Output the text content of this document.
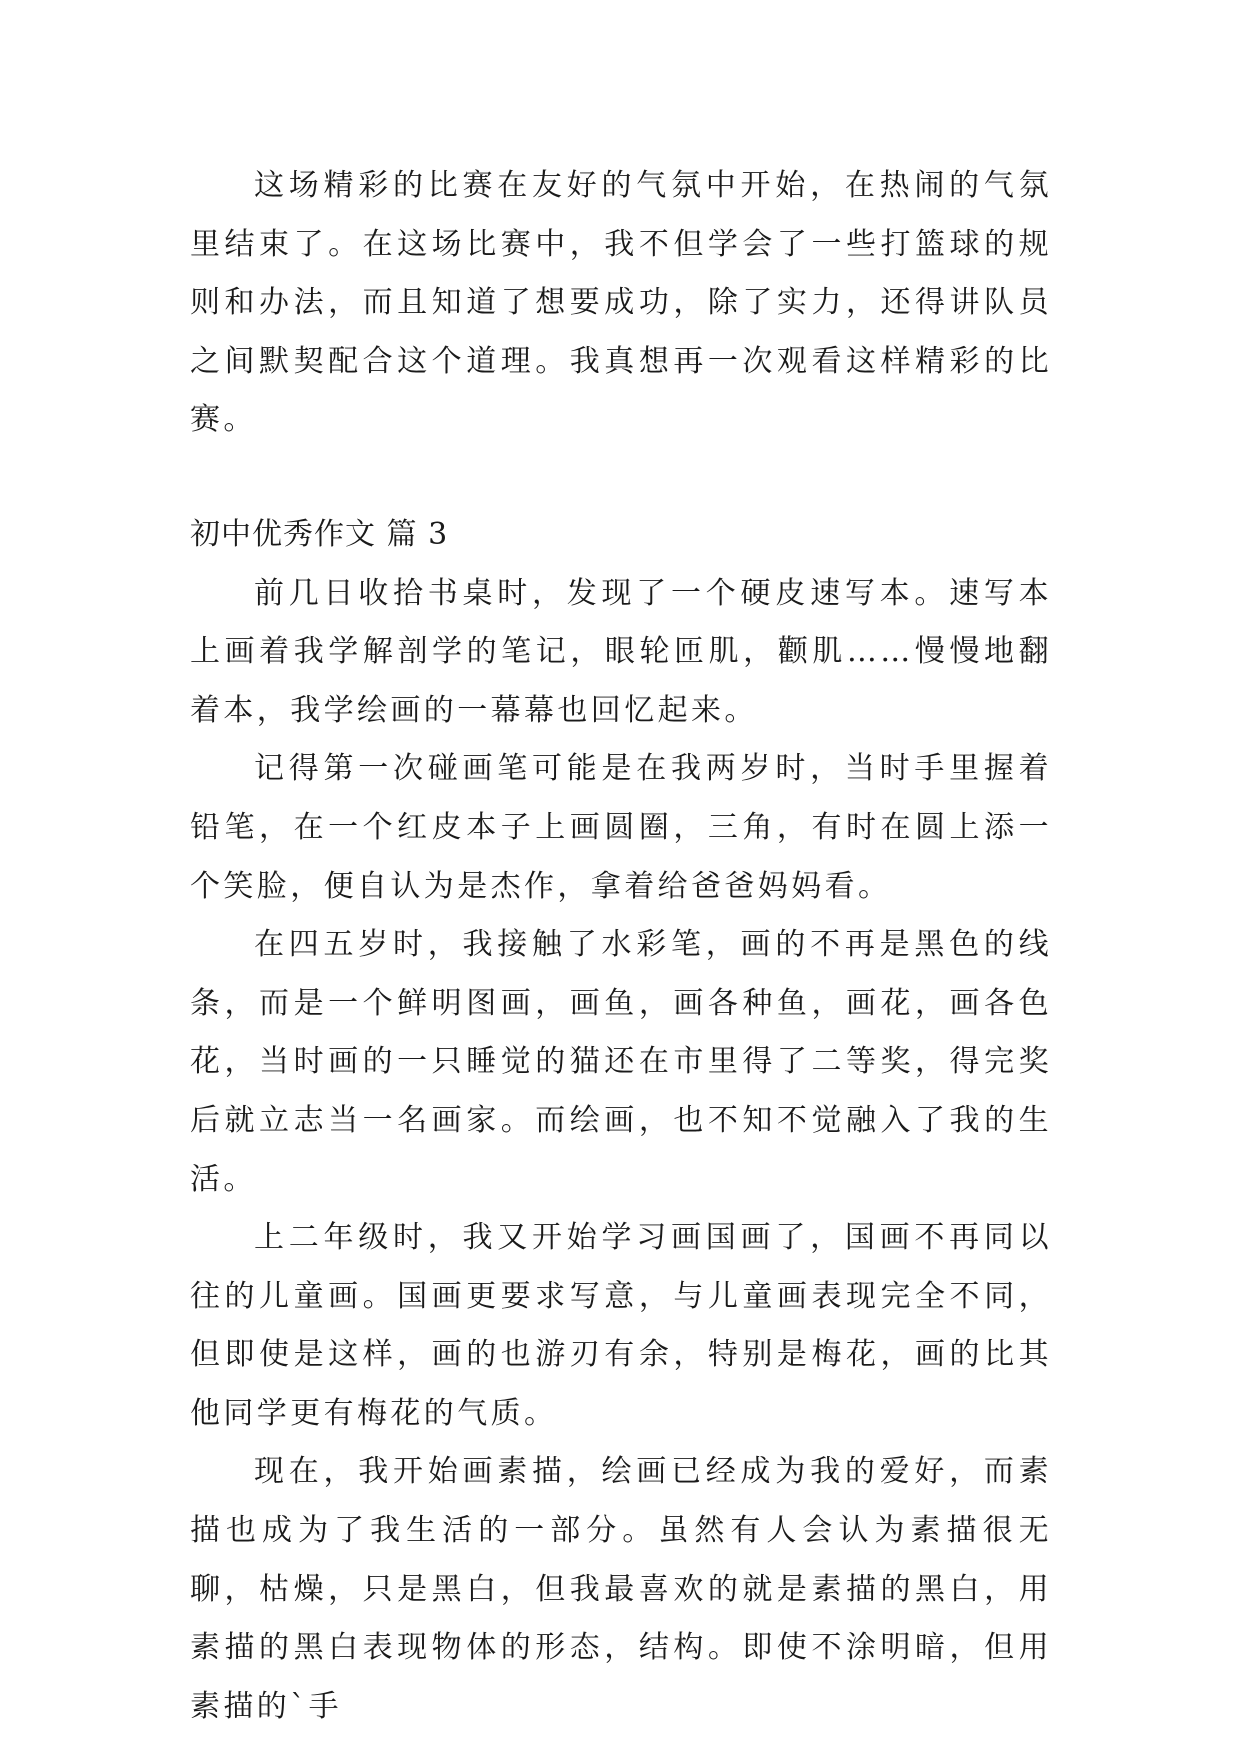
这场精彩的比赛在友好的气氛中开始，在热闹的气氛里结束了。在这场比赛中，我不但学会了一些打篮球的规则和办法，而且知道了想要成功，除了实力，还得讲队员之间默契配合这个道理。我真想再一次观看这样精彩的比赛。

初中优秀作文 篇 3

前几日收拾书桌时，发现了一个硬皮速写本。速写本上画着我学解剖学的笔记，眼轮匝肌，颧肌……慢慢地翻着本，我学绘画的一幕幕也回忆起来。

记得第一次碰画笔可能是在我两岁时，当时手里握着铅笔，在一个红皮本子上画圆圈，三角，有时在圆上添一个笑脸，便自认为是杰作，拿着给爸爸妈妈看。

在四五岁时，我接触了水彩笔，画的不再是黑色的线条，而是一个鲜明图画，画鱼，画各种鱼，画花，画各色花，当时画的一只睡觉的猫还在市里得了二等奖，得完奖后就立志当一名画家。而绘画，也不知不觉融入了我的生活。

上二年级时，我又开始学习画国画了，国画不再同以往的儿童画。国画更要求写意，与儿童画表现完全不同，但即使是这样，画的也游刃有余，特别是梅花，画的比其他同学更有梅花的气质。

现在，我开始画素描，绘画已经成为我的爱好，而素描也成为了我生活的一部分。虽然有人会认为素描很无聊，枯燥，只是黑白，但我最喜欢的就是素描的黑白，用素描的黑白表现物体的形态，结构。即使不涂明暗，但用素描的`手
